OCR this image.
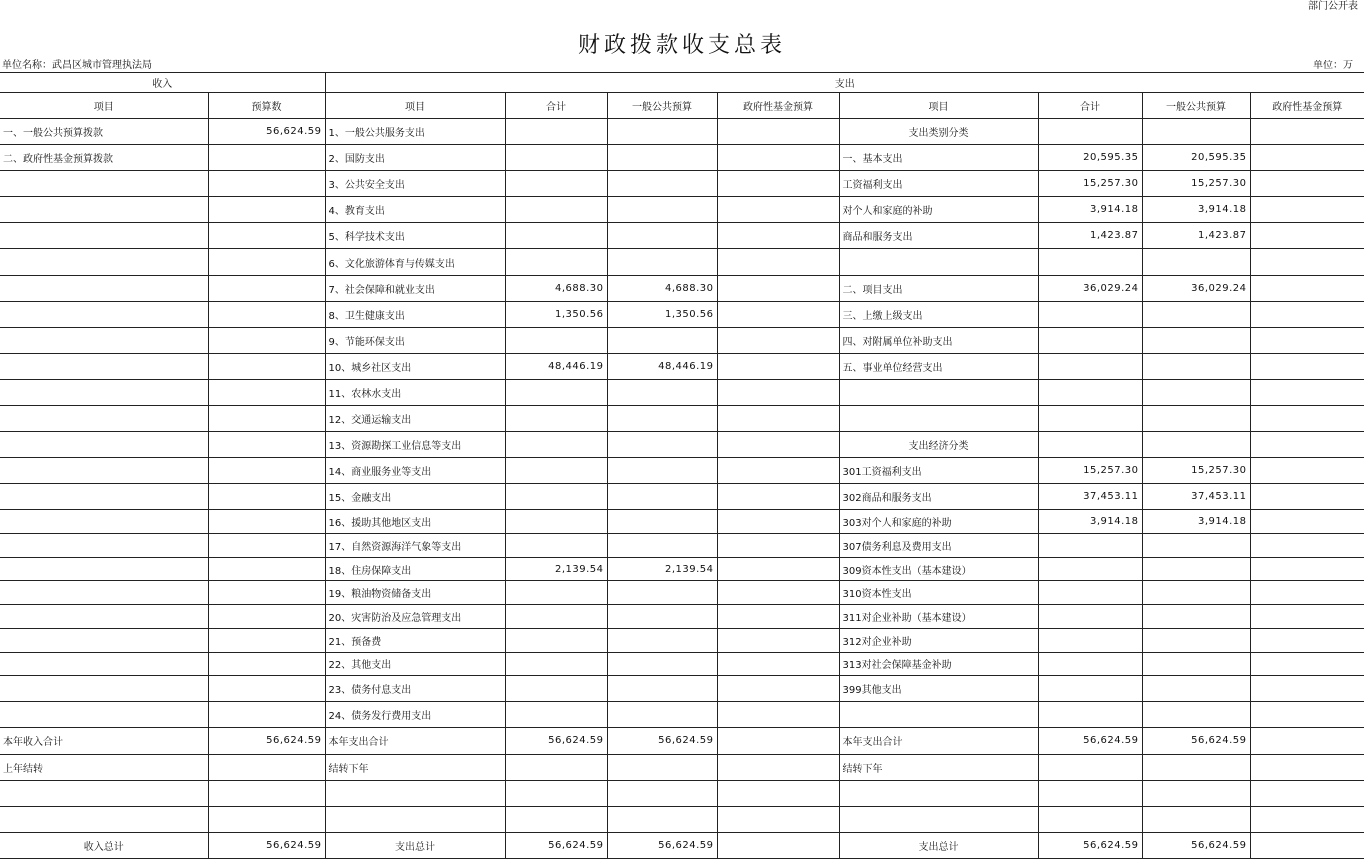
部门公开表
财政拨款收支总表
单位名称：武昌区城市管理执法局	单位：万
收入		支出							
项目	预算数	项目	合计	一般公共预算	政府性基金预算	项目	合计	一般公共预算	政府性基金预算
一、一般公共预算拨款	56,624.59	1、一般公共服务支出				支出类别分类			
二、政府性基金预算拨款		2、国防支出				一、基本支出	20,595.35	20,595.35	
		3、公共安全支出				工资福利支出	15,257.30	15,257.30	
		4、教育支出				对个人和家庭的补助	3,914.18	3,914.18	
		5、科学技术支出				商品和服务支出	1,423.87	1,423.87	
		6、文化旅游体育与传媒支出							
		7、社会保障和就业支出	4,688.30	4,688.30		二、项目支出	36,029.24	36,029.24	
		8、卫生健康支出	1,350.56	1,350.56		三、上缴上级支出			
		9、节能环保支出				四、对附属单位补助支出			
		10、城乡社区支出	48,446.19	48,446.19		五、事业单位经营支出			
		11、农林水支出							
		12、交通运输支出							
		13、资源勘探工业信息等支出				支出经济分类			
		14、商业服务业等支出				301工资福利支出	15,257.30	15,257.30	
		15、金融支出				302商品和服务支出	37,453.11	37,453.11	
		16、援助其他地区支出				303对个人和家庭的补助	3,914.18	3,914.18	
		17、自然资源海洋气象等支出				307债务利息及费用支出			
		18、住房保障支出	2,139.54	2,139.54		309资本性支出（基本建设）			
		19、粮油物资储备支出				310资本性支出			
		20、灾害防治及应急管理支出				311对企业补助（基本建设）			
		21、预备费				312对企业补助			
		22、其他支出				313对社会保障基金补助			
		23、债务付息支出				399其他支出			
		24、债务发行费用支出							
本年收入合计	56,624.59	本年支出合计	56,624.59	56,624.59		本年支出合计	56,624.59	56,624.59	
上年结转		结转下年				结转下年			

收入总计	56,624.59	支出总计	56,624.59	56,624.59		支出总计	56,624.59	56,624.59	
